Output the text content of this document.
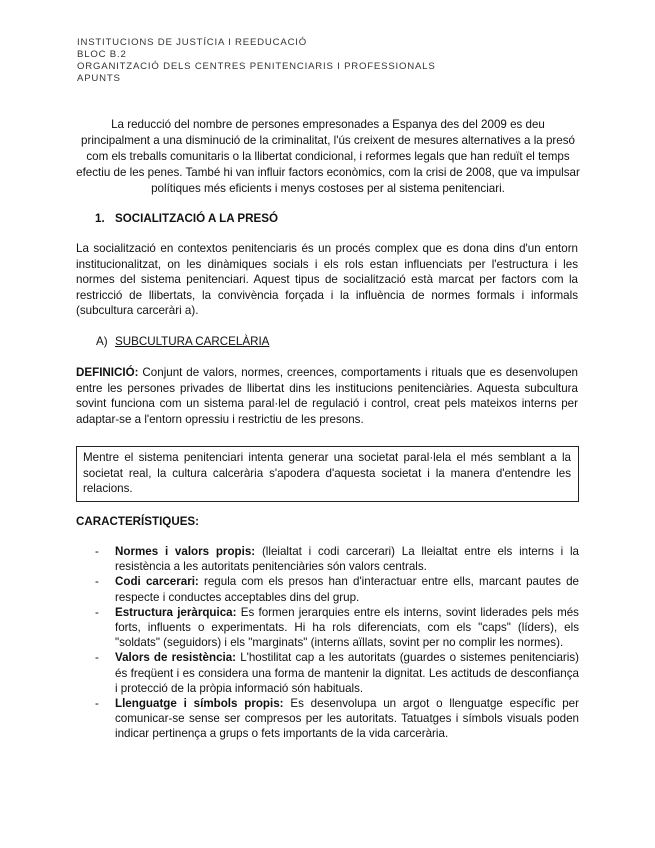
INSTITUCIONS DE JUSTÍCIA I REEDUCACIÓ
BLOC B.2
ORGANITZACIÓ DELS CENTRES PENITENCIARIS I PROFESSIONALS
APUNTS

La reducció del nombre de persones empresonades a Espanya des del 2009 es deu principalment a una disminució de la criminalitat, l'ús creixent de mesures alternatives a la presó com els treballs comunitaris o la llibertat condicional, i reformes legals que han reduït el temps efectiu de les penes. També hi van influir factors econòmics, com la crisi de 2008, que va impulsar polítiques més eficients i menys costoses per al sistema penitenciari.

1. SOCIALITZACIÓ A LA PRESÓ

La socialització en contextos penitenciaris és un procés complex que es dona dins d'un entorn institucionalitzat, on les dinàmiques socials i els rols estan influenciats per l'estructura i les normes del sistema penitenciari. Aquest tipus de socialització està marcat per factors com la restricció de llibertats, la convivència forçada i la influència de normes formals i informals (subcultura carceràri a).

A) SUBCULTURA CARCELÀRIA

DEFINICIÓ: Conjunt de valors, normes, creences, comportaments i rituals que es desenvolupen entre les persones privades de llibertat dins les institucions penitenciàries. Aquesta subcultura sovint funciona com un sistema paral·lel de regulació i control, creat pels mateixos interns per adaptar-se a l'entorn opressiu i restrictiu de les presons.

Mentre el sistema penitenciari intenta generar una societat paral·lela el més semblant a la societat real, la cultura calcerària s'apodera d'aquesta societat i la manera d'entendre les relacions.
CARACTERÍSTIQUES:
- Normes i valors propis: (lleialtat i codi carcerari) La lleialtat entre els interns i la resistència a les autoritats penitenciàries són valors centrals.
- Codi carcerari: regula com els presos han d'interactuar entre ells, marcant pautes de respecte i conductes acceptables dins del grup.
- Estructura jeràrquica: Es formen jerarquies entre els interns, sovint liderades pels més forts, influents o experimentats. Hi ha rols diferenciats, com els "caps" (líders), els "soldats" (seguidors) i els "marginats" (interns aïllats, sovint per no complir les normes).
- Valors de resistència: L'hostilitat cap a les autoritats (guardes o sistemes penitenciaris) és freqüent i es considera una forma de mantenir la dignitat. Les actituds de desconfiança i protecció de la pròpia informació són habituals.
- Llenguatge i símbols propis: Es desenvolupa un argot o llenguatge específic per comunicar-se sense ser compresos per les autoritats. Tatuatges i símbols visuals poden indicar pertinença a grups o fets importants de la vida carcerària.
